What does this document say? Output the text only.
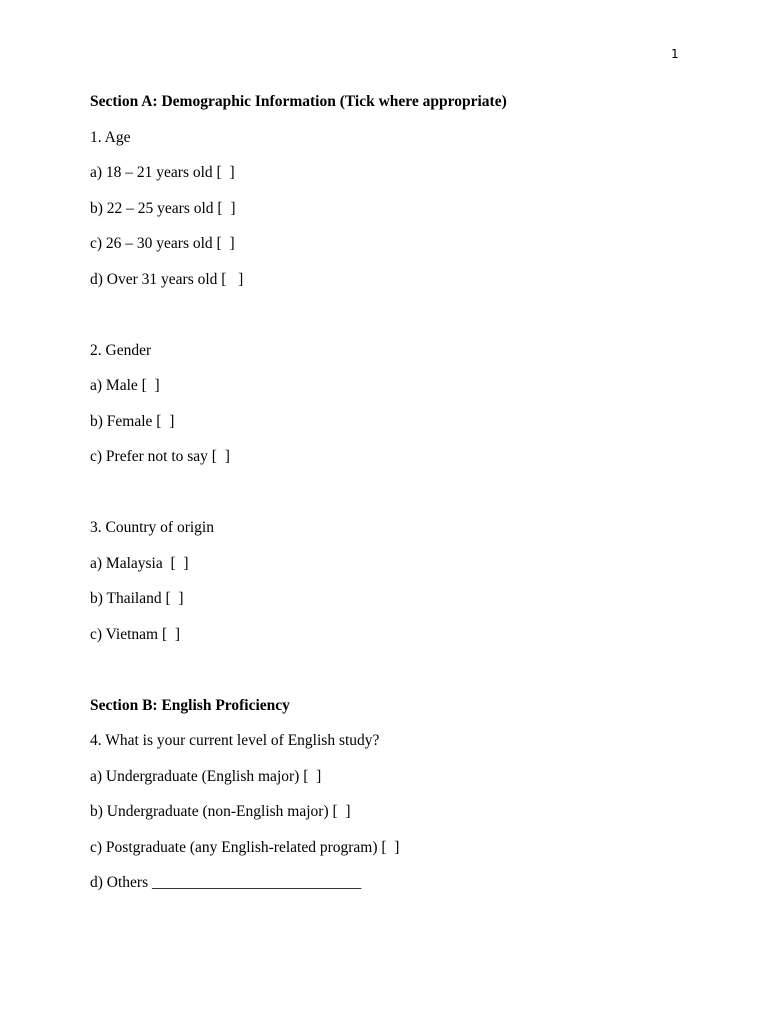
1
Section A: Demographic Information (Tick where appropriate)
1. Age
a) 18 – 21 years old [  ]
b) 22 – 25 years old [  ]
c) 26 – 30 years old [  ]
d) Over 31 years old [   ]
2. Gender
a) Male [  ]
b) Female [  ]
c) Prefer not to say [  ]
3. Country of origin
a) Malaysia  [  ]
b) Thailand [  ]
c) Vietnam [  ]
Section B: English Proficiency
4. What is your current level of English study?
a) Undergraduate (English major) [  ]
b) Undergraduate (non-English major) [  ]
c) Postgraduate (any English-related program) [  ]
d) Others ___________________________
